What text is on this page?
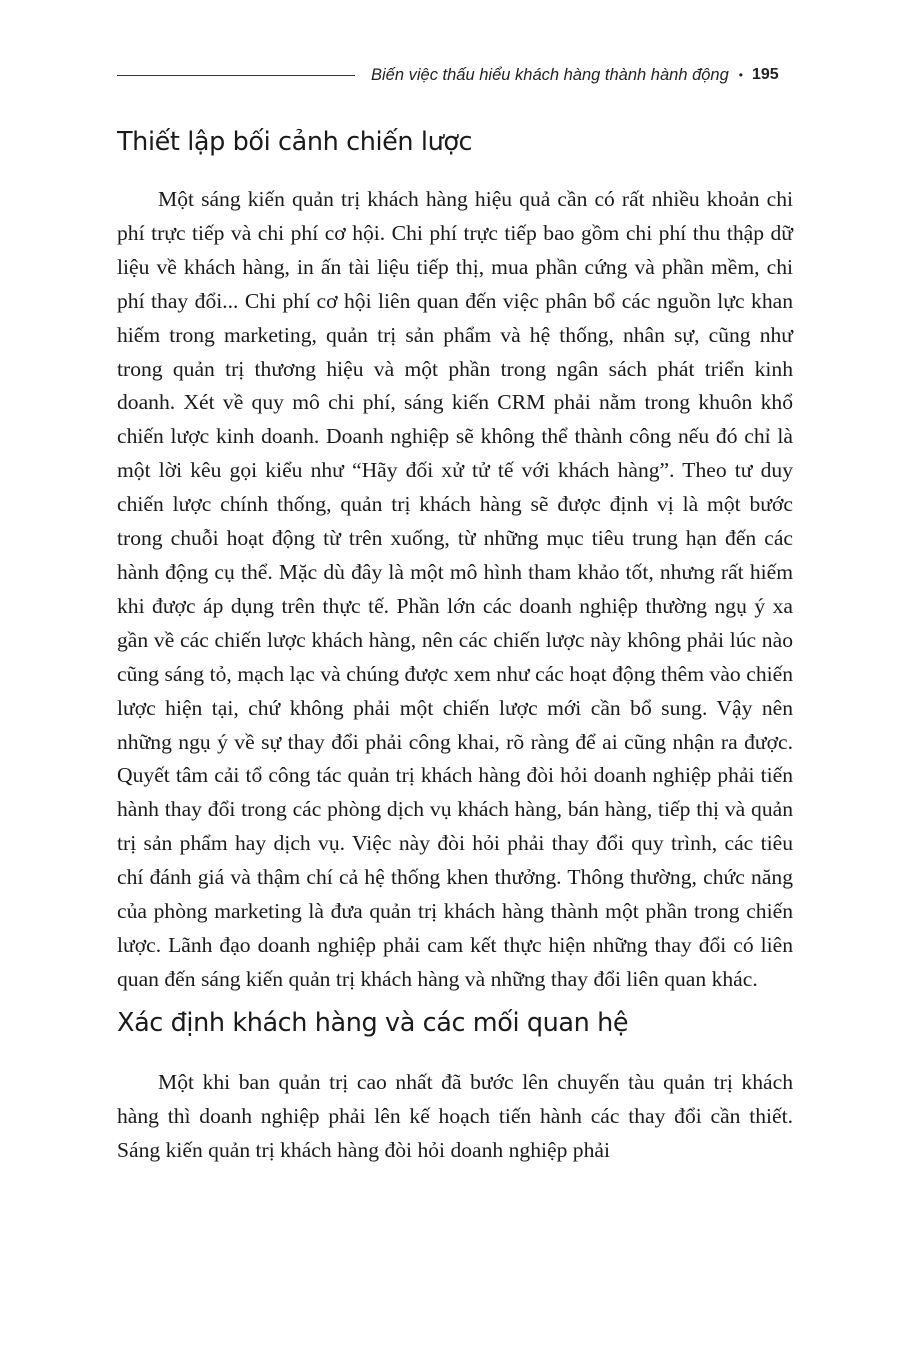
Biến việc thấu hiểu khách hàng thành hành động • 195
Thiết lập bối cảnh chiến lược

Một sáng kiến quản trị khách hàng hiệu quả cần có rất nhiều khoản chi phí trực tiếp và chi phí cơ hội. Chi phí trực tiếp bao gồm chi phí thu thập dữ liệu về khách hàng, in ấn tài liệu tiếp thị, mua phần cứng và phần mềm, chi phí thay đổi... Chi phí cơ hội liên quan đến việc phân bổ các nguồn lực khan hiếm trong marketing, quản trị sản phẩm và hệ thống, nhân sự, cũng như trong quản trị thương hiệu và một phần trong ngân sách phát triển kinh doanh. Xét về quy mô chi phí, sáng kiến CRM phải nằm trong khuôn khổ chiến lược kinh doanh. Doanh nghiệp sẽ không thể thành công nếu đó chỉ là một lời kêu gọi kiểu như “Hãy đối xử tử tế với khách hàng”. Theo tư duy chiến lược chính thống, quản trị khách hàng sẽ được định vị là một bước trong chuỗi hoạt động từ trên xuống, từ những mục tiêu trung hạn đến các hành động cụ thể. Mặc dù đây là một mô hình tham khảo tốt, nhưng rất hiếm khi được áp dụng trên thực tế. Phần lớn các doanh nghiệp thường ngụ ý xa gần về các chiến lược khách hàng, nên các chiến lược này không phải lúc nào cũng sáng tỏ, mạch lạc và chúng được xem như các hoạt động thêm vào chiến lược hiện tại, chứ không phải một chiến lược mới cần bổ sung. Vậy nên những ngụ ý về sự thay đổi phải công khai, rõ ràng để ai cũng nhận ra được. Quyết tâm cải tổ công tác quản trị khách hàng đòi hỏi doanh nghiệp phải tiến hành thay đổi trong các phòng dịch vụ khách hàng, bán hàng, tiếp thị và quản trị sản phẩm hay dịch vụ. Việc này đòi hỏi phải thay đổi quy trình, các tiêu chí đánh giá và thậm chí cả hệ thống khen thưởng. Thông thường, chức năng của phòng marketing là đưa quản trị khách hàng thành một phần trong chiến lược. Lãnh đạo doanh nghiệp phải cam kết thực hiện những thay đổi có liên quan đến sáng kiến quản trị khách hàng và những thay đổi liên quan khác.

Xác định khách hàng và các mối quan hệ

Một khi ban quản trị cao nhất đã bước lên chuyến tàu quản trị khách hàng thì doanh nghiệp phải lên kế hoạch tiến hành các thay đổi cần thiết. Sáng kiến quản trị khách hàng đòi hỏi doanh nghiệp phải
